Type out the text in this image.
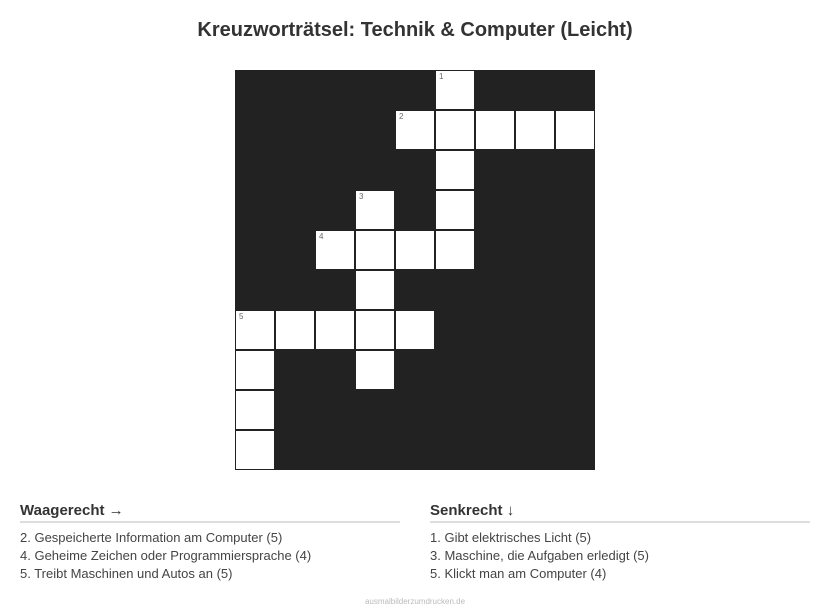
Kreuzworträtsel: Technik & Computer (Leicht)
1
2
3
4
5
Waagerecht →
2. Gespeicherte Information am Computer (5)
4. Geheime Zeichen oder Programmiersprache (4)
5. Treibt Maschinen und Autos an (5)
Senkrecht ↓
1. Gibt elektrisches Licht (5)
3. Maschine, die Aufgaben erledigt (5)
5. Klickt man am Computer (4)
ausmalbilderzumdrucken.de
